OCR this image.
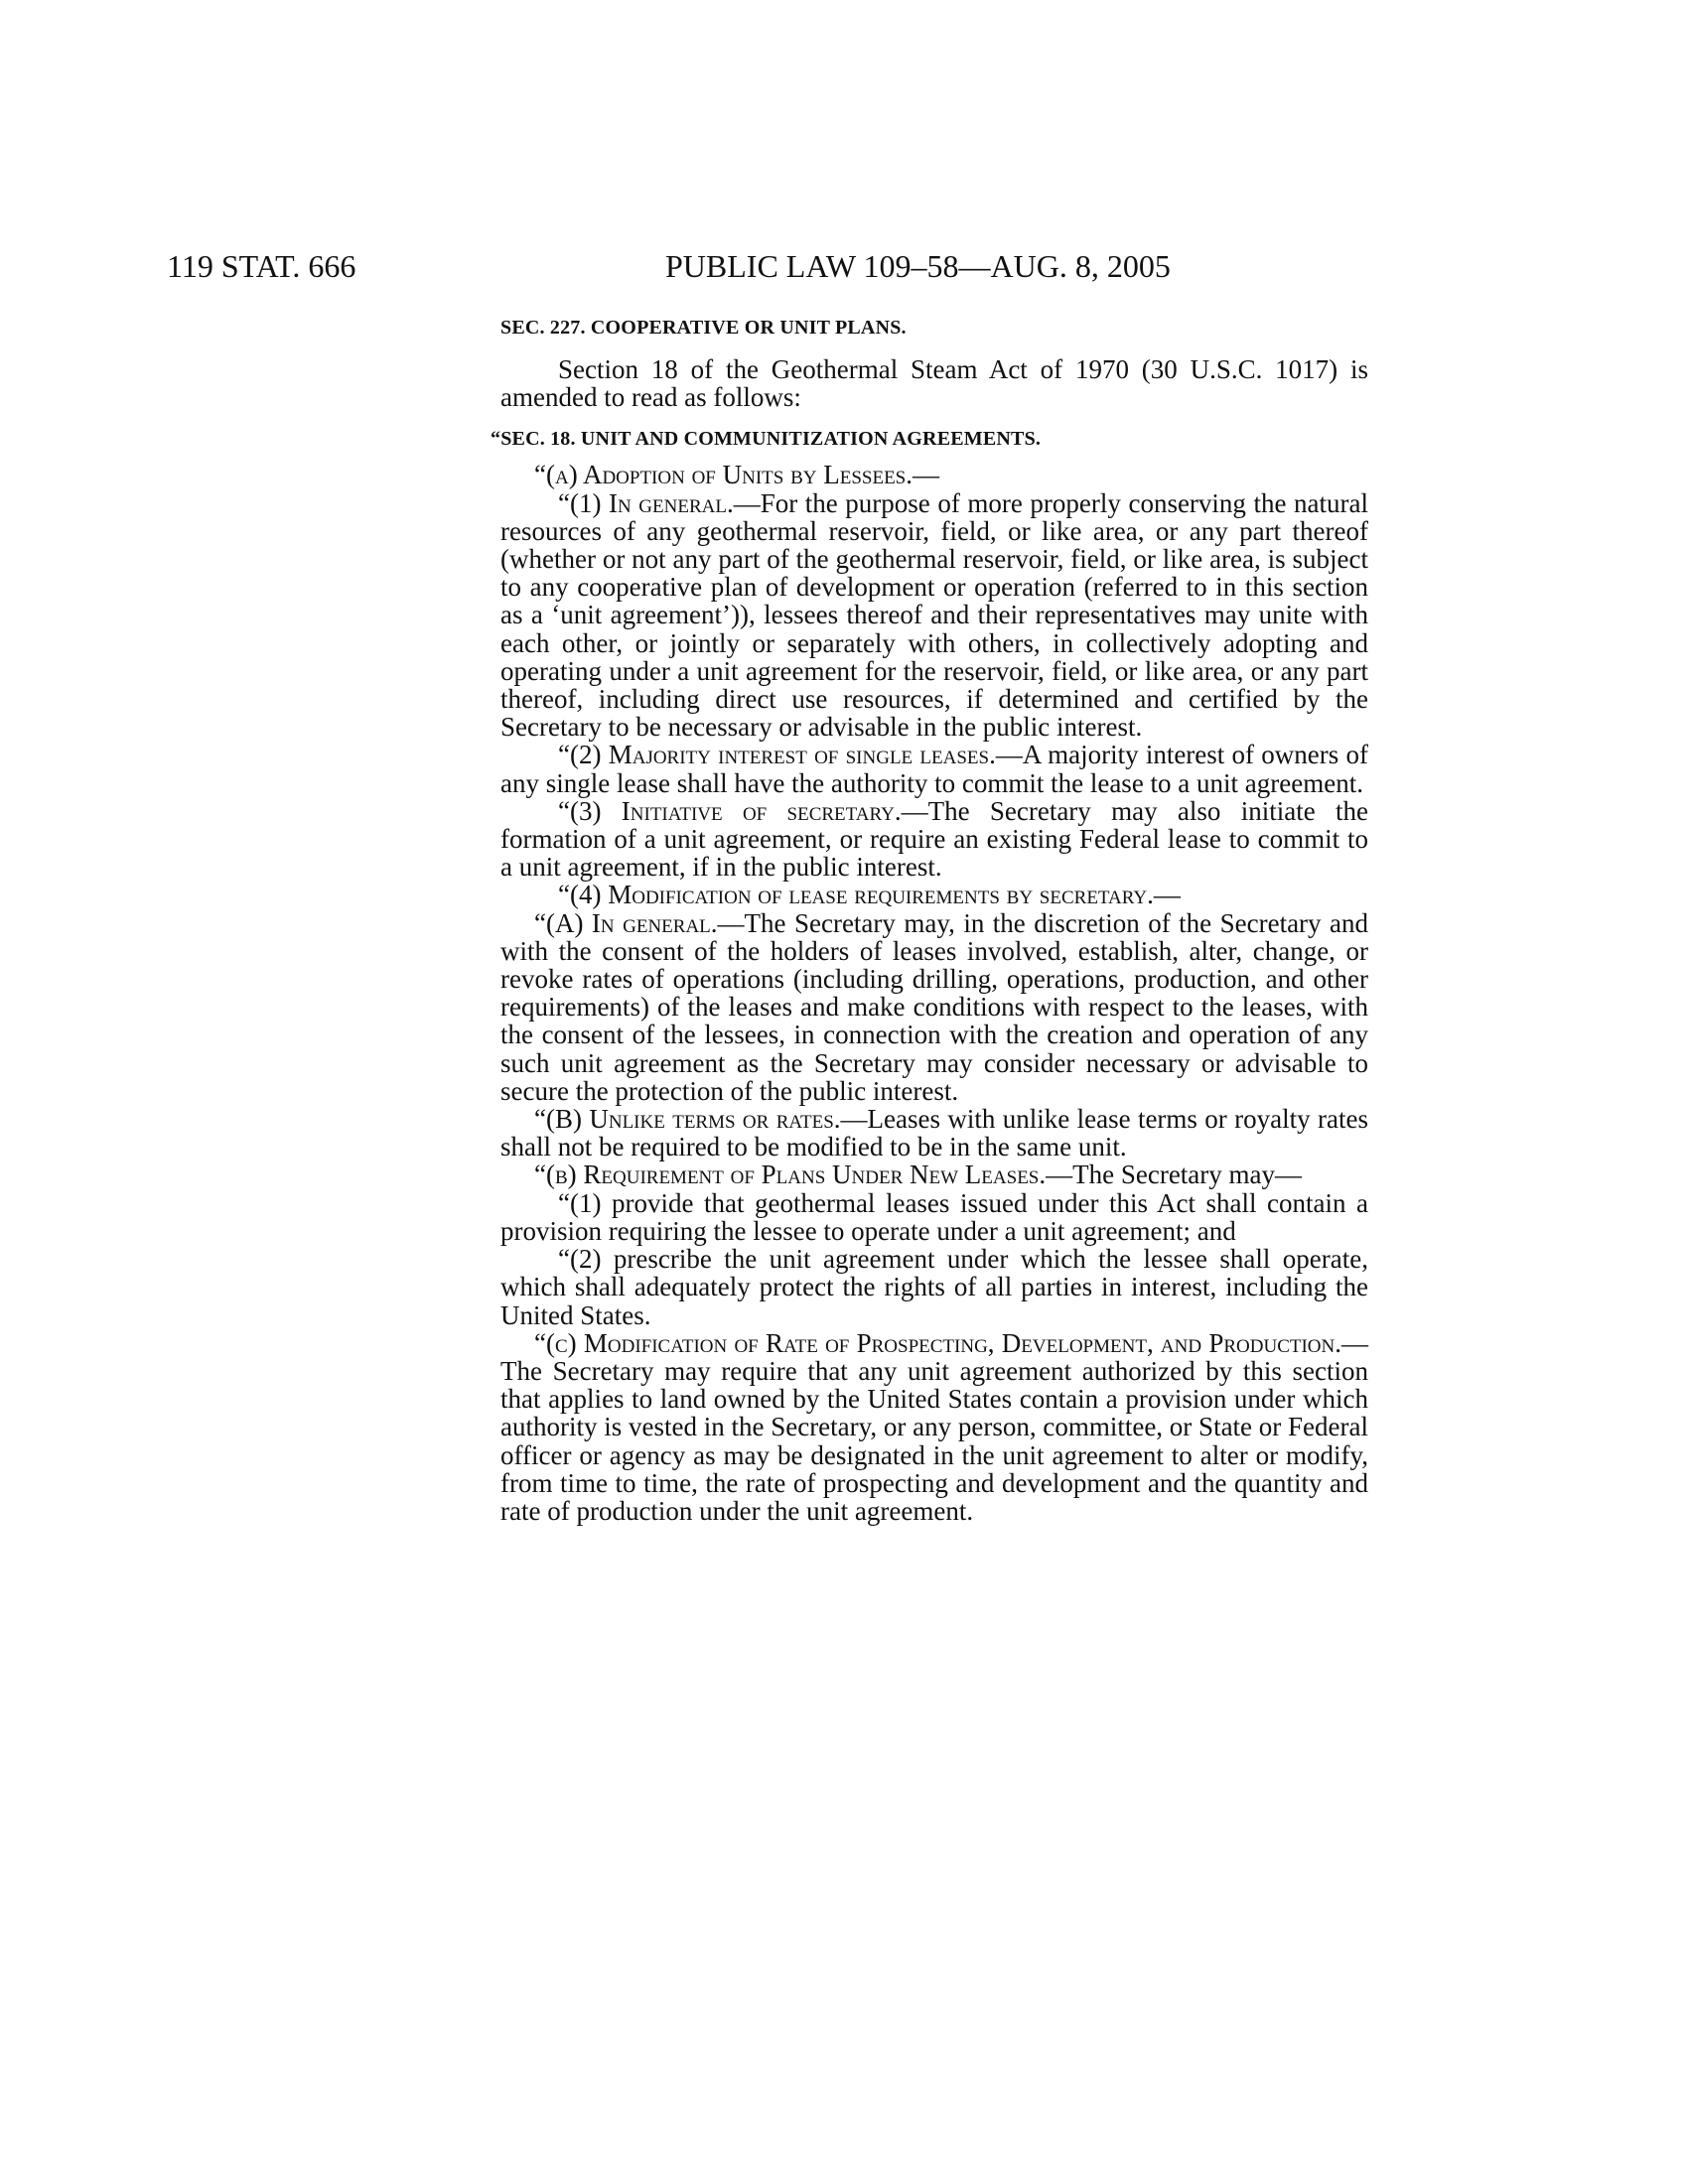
119 STAT. 666	PUBLIC LAW 109–58—AUG. 8, 2005

SEC. 227. COOPERATIVE OR UNIT PLANS.

Section 18 of the Geothermal Steam Act of 1970 (30 U.S.C. 1017) is amended to read as follows:

“SEC. 18. UNIT AND COMMUNITIZATION AGREEMENTS.

“(a) Adoption of Units by Lessees.—

“(1) In general.—For the purpose of more properly conserving the natural resources of any geothermal reservoir, field, or like area, or any part thereof (whether or not any part of the geothermal reservoir, field, or like area, is subject to any cooperative plan of development or operation (referred to in this section as a ‘unit agreement’)), lessees thereof and their representatives may unite with each other, or jointly or separately with others, in collectively adopting and operating under a unit agreement for the reservoir, field, or like area, or any part thereof, including direct use resources, if determined and certified by the Secretary to be necessary or advisable in the public interest.

“(2) Majority interest of single leases.—A majority interest of owners of any single lease shall have the authority to commit the lease to a unit agreement.

“(3) Initiative of secretary.—The Secretary may also initiate the formation of a unit agreement, or require an existing Federal lease to commit to a unit agreement, if in the public interest.

“(4) Modification of lease requirements by secretary.—

“(A) In general.—The Secretary may, in the discretion of the Secretary and with the consent of the holders of leases involved, establish, alter, change, or revoke rates of operations (including drilling, operations, production, and other requirements) of the leases and make conditions with respect to the leases, with the consent of the lessees, in connection with the creation and operation of any such unit agreement as the Secretary may consider necessary or advisable to secure the protection of the public interest.

“(B) Unlike terms or rates.—Leases with unlike lease terms or royalty rates shall not be required to be modified to be in the same unit.

“(b) Requirement of Plans Under New Leases.—The Secretary may—

“(1) provide that geothermal leases issued under this Act shall contain a provision requiring the lessee to operate under a unit agreement; and

“(2) prescribe the unit agreement under which the lessee shall operate, which shall adequately protect the rights of all parties in interest, including the United States.

“(c) Modification of Rate of Prospecting, Development, and Production.—The Secretary may require that any unit agreement authorized by this section that applies to land owned by the United States contain a provision under which authority is vested in the Secretary, or any person, committee, or State or Federal officer or agency as may be designated in the unit agreement to alter or modify, from time to time, the rate of prospecting and development and the quantity and rate of production under the unit agreement.
